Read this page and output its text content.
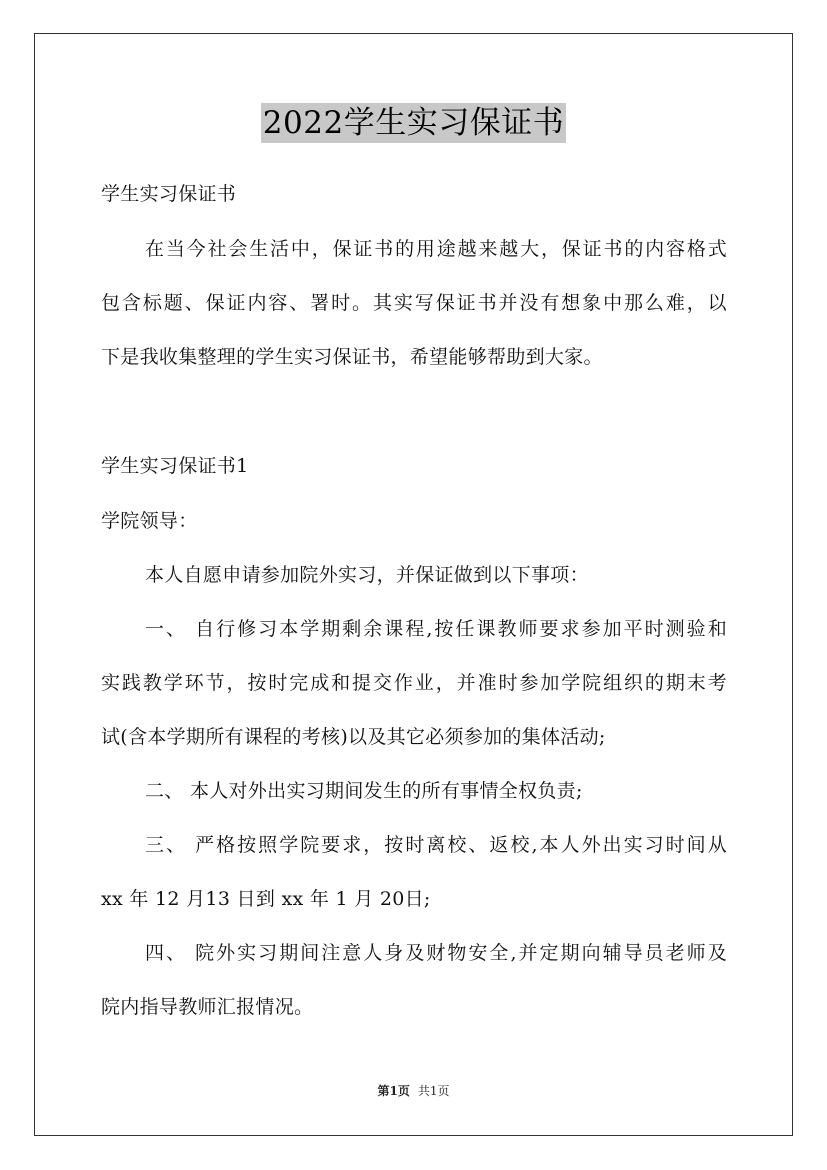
2022学生实习保证书
学生实习保证书
在当今社会生活中，保证书的用途越来越大，保证书的内容格式
包含标题、保证内容、署时。其实写保证书并没有想象中那么难，以
下是我收集整理的学生实习保证书，希望能够帮助到大家。
学生实习保证书1
学院领导：
本人自愿申请参加院外实习，并保证做到以下事项：
一、 自行修习本学期剩余课程,按任课教师要求参加平时测验和
实践教学环节，按时完成和提交作业，并准时参加学院组织的期末考
试(含本学期所有课程的考核)以及其它必须参加的集体活动;
二、 本人对外出实习期间发生的所有事情全权负责;
三、 严格按照学院要求，按时离校、返校,本人外出实习时间从
xx 年 12 月13 日到 xx 年 1 月 20日;
四、 院外实习期间注意人身及财物安全,并定期向辅导员老师及
院内指导教师汇报情况。
第1页 共1页
